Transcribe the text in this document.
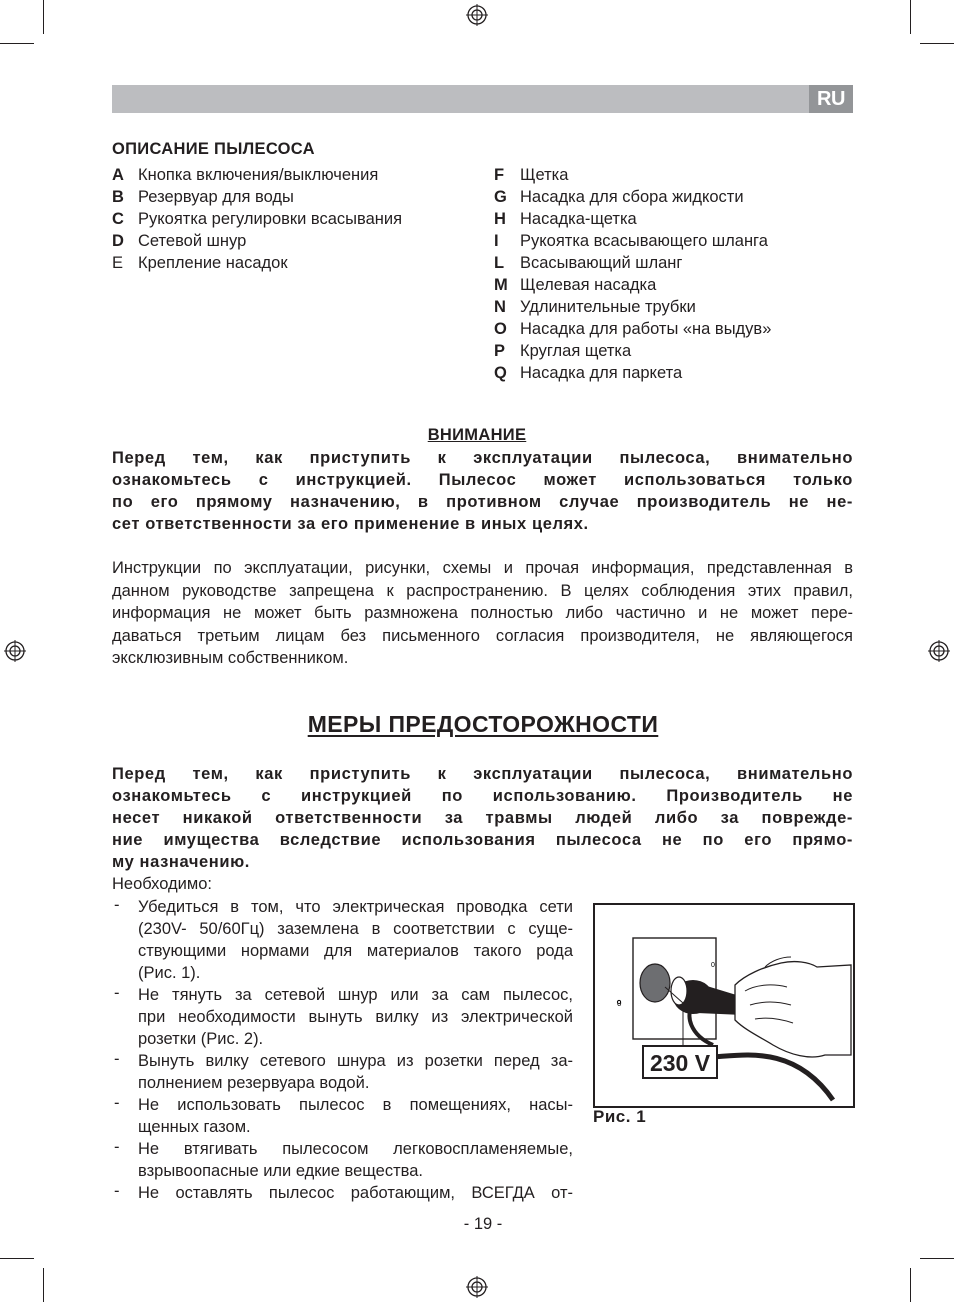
RU
ОПИСАНИЕ ПЫЛЕСОСА
A Кнопка включения/выключения
B Резервуар для воды
C Рукоятка регулировки всасывания
D Сетевой шнур
E Крепление насадок
F Щетка
G Насадка для сбора жидкости
H Насадка-щетка
I Рукоятка всасывающего шланга
L Всасывающий шланг
M Щелевая насадка
N Удлинительные трубки
O Насадка для работы «на выдув»
P Круглая щетка
Q Насадка для паркета
ВНИМАНИЕ
Перед тем, как приступить к эксплуатации пылесоса, внимательно
ознакомьтесь с инструкцией. Пылесос может использоваться только
по его прямому назначению, в противном случае производитель не не-
сет ответственности за его применение в иных целях.
Инструкции по эксплуатации, рисунки, схемы и прочая информация, представленная в
данном руководстве запрещена к распространению. В целях соблюдения этих правил,
информация не может быть размножена полностью либо частично и не может пере-
даваться третьим лицам без письменного согласия производителя, не являющегося
эксклюзивным собственником.
МЕРЫ ПРЕДОСТОРОЖНОСТИ
Перед тем, как приступить к эксплуатации пылесоса, внимательно
ознакомьтесь с инструкцией по использованию. Производитель не
несет никакой ответственности за травмы людей либо за поврежде-
ние имущества вследствие использования пылесоса не по его прямо-
му назначению.
Необходимо:
- Убедиться в том, что электрическая проводка сети
(230V- 50/60Гц) заземлена в соответствии с суще-
ствующими нормами для материалов такого рода
(Рис. 1).
- Не тянуть за сетевой шнур или за сам пылесос,
при необходимости вынуть вилку из электрической
розетки (Рис. 2).
- Вынуть вилку сетевого шнура из розетки перед за-
полнением резервуара водой.
- Не использовать пылесос в помещениях, насы-
щенных газом.
- Не втягивать пылесосом легковоспламеняемые,
взрывоопасные или едкие вещества.
- Не оставлять пылесос работающим, ВСЕГДА от-
0
0
230 V
Рис. 1
- 19 -
